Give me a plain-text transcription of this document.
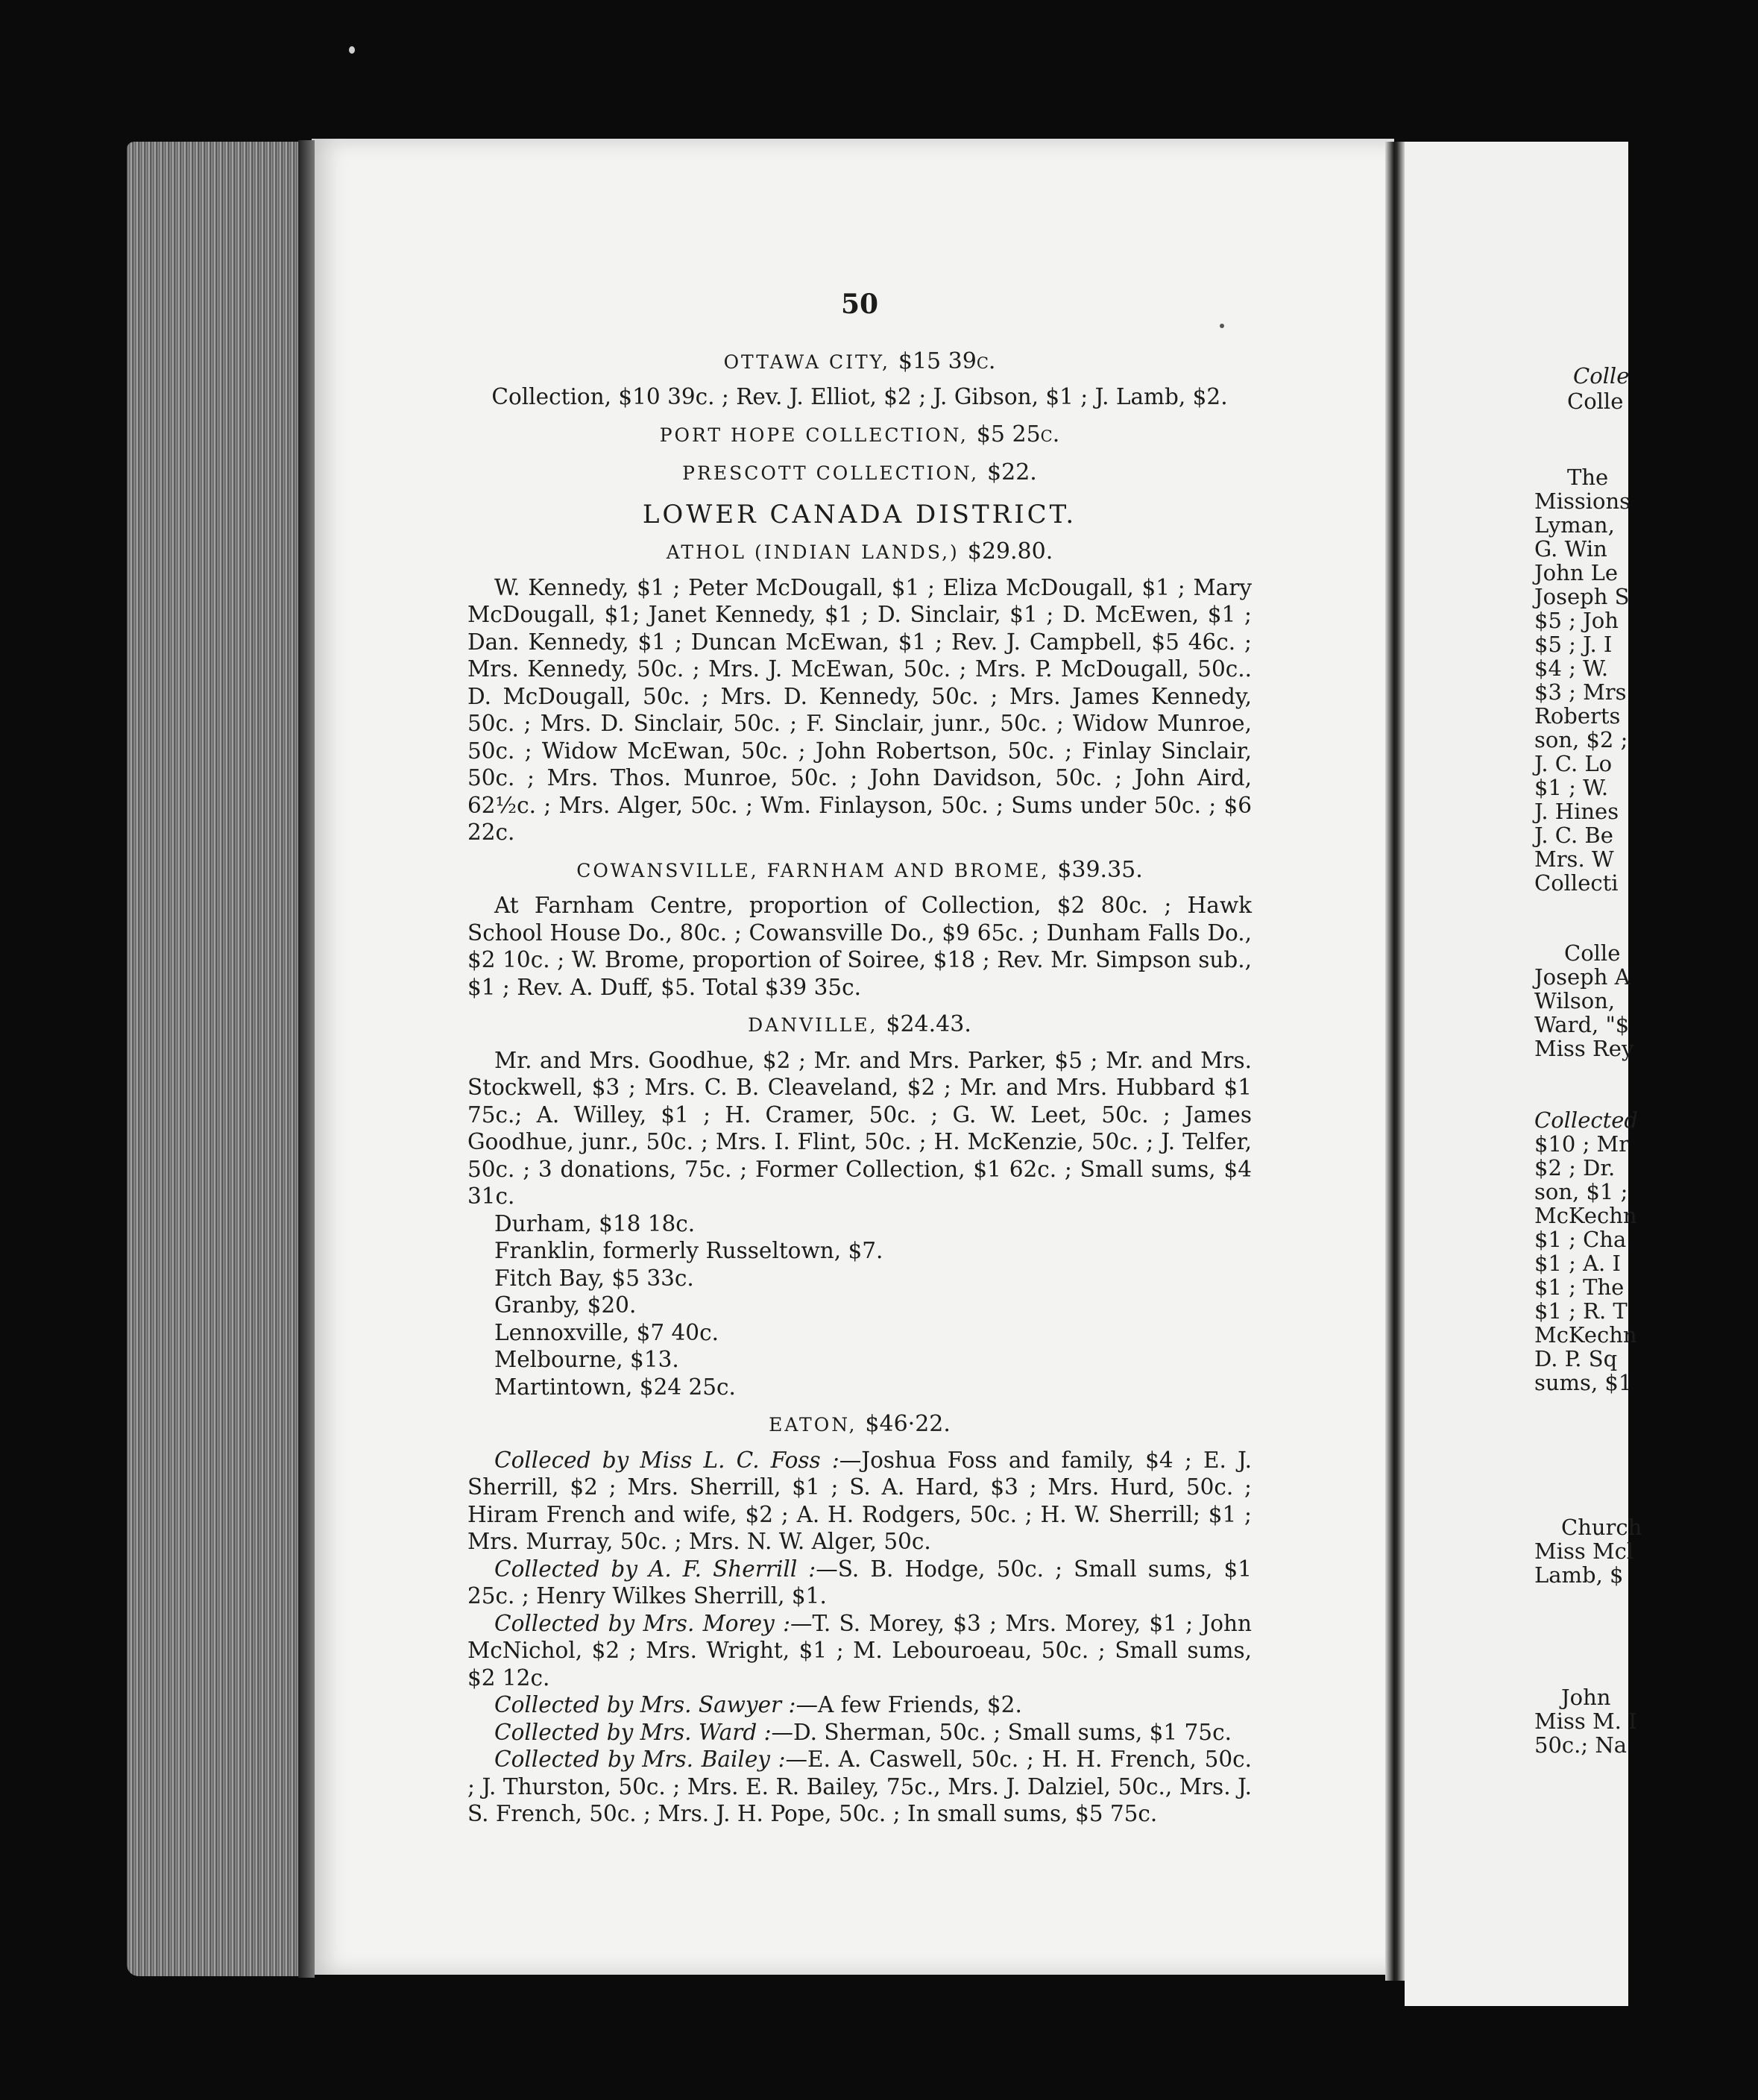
50
OTTAWA CITY, $15 39c.

Collection, $10 39c. ; Rev. J. Elliot, $2 ; J. Gibson, $1 ; J. Lamb, $2.

PORT HOPE COLLECTION, $5 25c.
PRESCOTT COLLECTION, $22.
LOWER CANADA DISTRICT.
ATHOL (INDIAN LANDS,) $29.80.

W. Kennedy, $1 ; Peter McDougall, $1 ; Eliza McDougall, $1 ; Mary McDougall, $1; Janet Kennedy, $1 ; D. Sinclair, $1 ; D. McEwen, $1 ; Dan. Kennedy, $1 ; Duncan McEwan, $1 ; Rev. J. Campbell, $5 46c. ; Mrs. Kennedy, 50c. ; Mrs. J. McEwan, 50c. ; Mrs. P. McDougall, 50c.. D. McDougall, 50c. ; Mrs. D. Kennedy, 50c. ; Mrs. James Kennedy, 50c. ; Mrs. D. Sinclair, 50c. ; F. Sinclair, junr., 50c. ; Widow Munroe, 50c. ; Widow McEwan, 50c. ; John Robertson, 50c. ; Finlay Sinclair, 50c. ; Mrs. Thos. Munroe, 50c. ; John Davidson, 50c. ; John Aird, 62½c. ; Mrs. Alger, 50c. ; Wm. Finlayson, 50c. ; Sums under 50c. ; $6 22c.

COWANSVILLE, FARNHAM AND BROME, $39.35.

At Farnham Centre, proportion of Collection, $2 80c. ; Hawk School House Do., 80c. ; Cowansville Do., $9 65c. ; Dunham Falls Do., $2 10c. ; W. Brome, proportion of Soiree, $18 ; Rev. Mr. Simpson sub., $1 ; Rev. A. Duff, $5. Total $39 35c.

DANVILLE, $24.43.

Mr. and Mrs. Goodhue, $2 ; Mr. and Mrs. Parker, $5 ; Mr. and Mrs. Stockwell, $3 ; Mrs. C. B. Cleaveland, $2 ; Mr. and Mrs. Hubbard $1 75c.; A. Willey, $1 ; H. Cramer, 50c. ; G. W. Leet, 50c. ; James Goodhue, junr., 50c. ; Mrs. I. Flint, 50c. ; H. McKenzie, 50c. ; J. Telfer, 50c. ; 3 donations, 75c. ; Former Collection, $1 62c. ; Small sums, $4 31c.

Durham, $18 18c.
Franklin, formerly Russeltown, $7.
Fitch Bay, $5 33c.
Granby, $20.
Lennoxville, $7 40c.
Melbourne, $13.
Martintown, $24 25c.
EATON, $46·22.

Colleced by Miss L. C. Foss :—Joshua Foss and family, $4 ; E. J. Sherrill, $2 ; Mrs. Sherrill, $1 ; S. A. Hard, $3 ; Mrs. Hurd, 50c. ; Hiram French and wife, $2 ; A. H. Rodgers, 50c. ; H. W. Sherrill; $1 ; Mrs. Murray, 50c. ; Mrs. N. W. Alger, 50c.

Collected by A. F. Sherrill :—S. B. Hodge, 50c. ; Small sums, $1 25c. ; Henry Wilkes Sherrill, $1.

Collected by Mrs. Morey :—T. S. Morey, $3 ; Mrs. Morey, $1 ; John McNichol, $2 ; Mrs. Wright, $1 ; M. Lebouroeau, 50c. ; Small sums, $2 12c.

Collected by Mrs. Sawyer :—A few Friends, $2.

Collected by Mrs. Ward :—D. Sherman, 50c. ; Small sums, $1 75c.

Collected by Mrs. Bailey :—E. A. Caswell, 50c. ; H. H. French, 50c. ; J. Thurston, 50c. ; Mrs. E. R. Bailey, 75c., Mrs. J. Dalziel, 50c., Mrs. J. S. French, 50c. ; Mrs. J. H. Pope, 50c. ; In small sums, $5 75c.

Colle
Colle
The
Missions
Lyman,
G. Win
John Le
Joseph S
$5 ; Joh
$5 ; J. I
$4 ; W.
$3 ; Mrs
Roberts
son, $2 ;
J. C. Lo
$1 ; W.
J. Hines
J. C. Be
Mrs. W
Collecti
Colle
Joseph A
Wilson,
Ward, "$
Miss Rey
Collected
$10 ; Mr
$2 ; Dr.
son, $1 ;
McKechn
$1 ; Cha
$1 ; A. I
$1 ; The
$1 ; R. T
McKechn
D. P. Sq
sums, $1
Church
Miss Mcl
Lamb, $
John
Miss M. I
50c.; Na
